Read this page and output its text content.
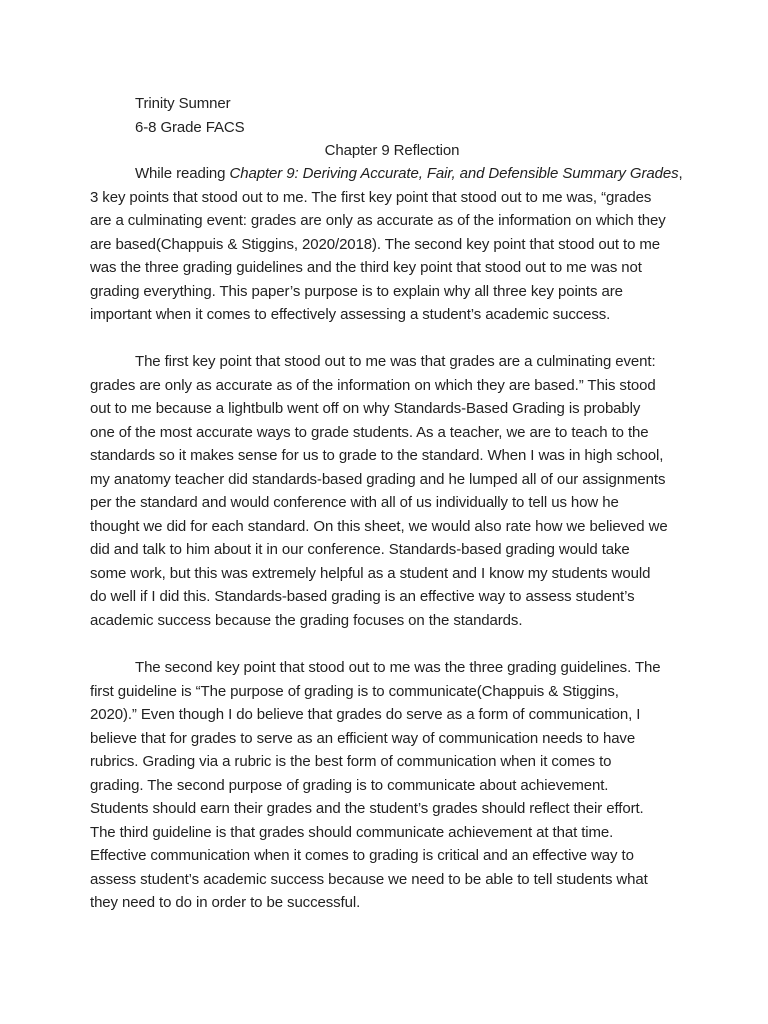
Trinity Sumner
6-8 Grade FACS
Chapter 9 Reflection
While reading Chapter 9: Deriving Accurate, Fair, and Defensible Summary Grades,
3 key points that stood out to me. The first key point that stood out to me was, “grades
are a culminating event: grades are only as accurate as of the information on which they
are based(Chappuis & Stiggins, 2020/2018). The second key point that stood out to me
was the three grading guidelines and the third key point that stood out to me was not
grading everything. This paper’s purpose is to explain why all three key points are
important when it comes to effectively assessing a student’s academic success.
The first key point that stood out to me was that grades are a culminating event:
grades are only as accurate as of the information on which they are based.” This stood
out to me because a lightbulb went off on why Standards-Based Grading is probably
one of the most accurate ways to grade students. As a teacher, we are to teach to the
standards so it makes sense for us to grade to the standard. When I was in high school,
my anatomy teacher did standards-based grading and he lumped all of our assignments
per the standard and would conference with all of us individually to tell us how he
thought we did for each standard. On this sheet, we would also rate how we believed we
did and talk to him about it in our conference. Standards-based grading would take
some work, but this was extremely helpful as a student and I know my students would
do well if I did this. Standards-based grading is an effective way to assess student’s
academic success because the grading focuses on the standards.
The second key point that stood out to me was the three grading guidelines. The
first guideline is “The purpose of grading is to communicate(Chappuis & Stiggins,
2020).” Even though I do believe that grades do serve as a form of communication, I
believe that for grades to serve as an efficient way of communication needs to have
rubrics. Grading via a rubric is the best form of communication when it comes to
grading. The second purpose of grading is to communicate about achievement.
Students should earn their grades and the student’s grades should reflect their effort.
The third guideline is that grades should communicate achievement at that time.
Effective communication when it comes to grading is critical and an effective way to
assess student’s academic success because we need to be able to tell students what
they need to do in order to be successful.
